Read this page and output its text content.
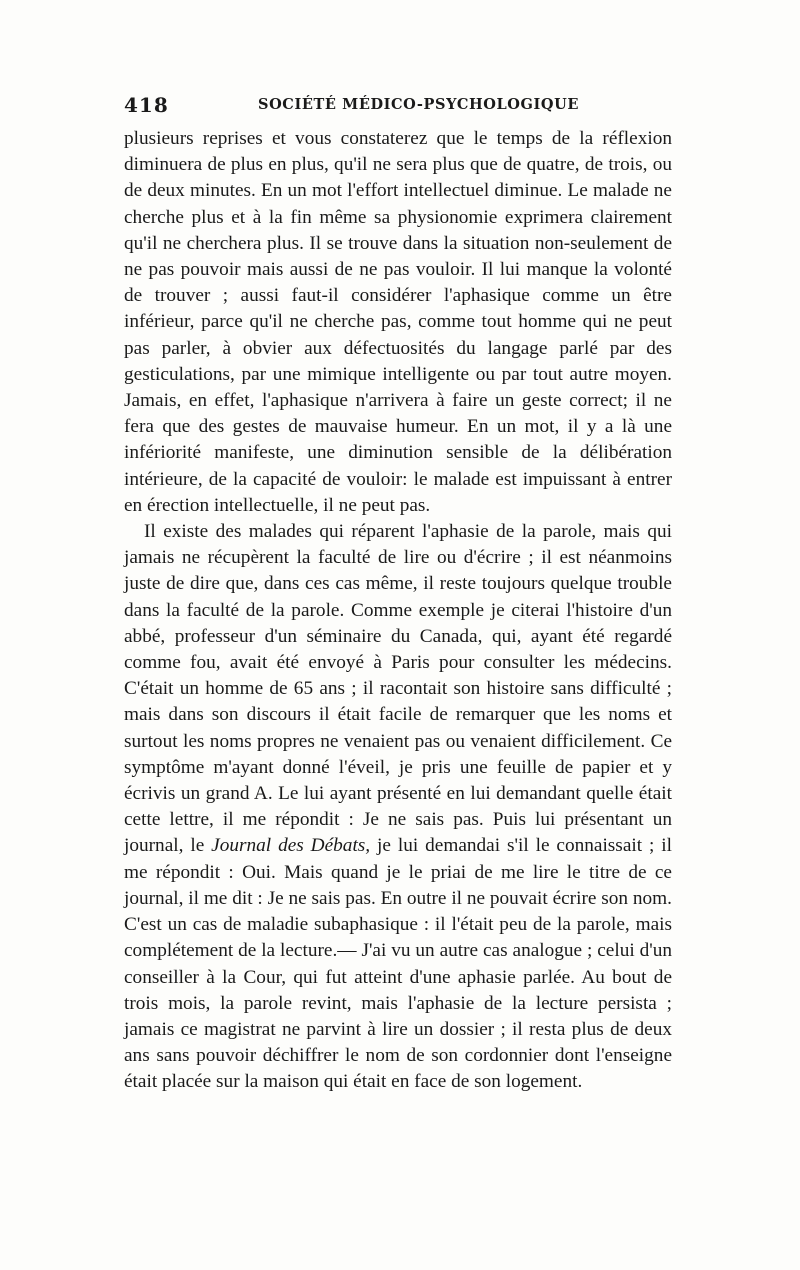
418	SOCIÉTÉ MÉDICO-PSYCHOLOGIQUE

plusieurs reprises et vous constaterez que le temps de la réflexion diminuera de plus en plus, qu'il ne sera plus que de quatre, de trois, ou de deux minutes. En un mot l'effort intellectuel diminue. Le malade ne cherche plus et à la fin même sa physionomie exprimera clairement qu'il ne cherchera plus. Il se trouve dans la situation non-seulement de ne pas pouvoir mais aussi de ne pas vouloir. Il lui manque la volonté de trouver ; aussi faut-il considérer l'aphasique comme un être inférieur, parce qu'il ne cherche pas, comme tout homme qui ne peut pas parler, à obvier aux défectuosités du langage parlé par des gesticulations, par une mimique intelligente ou par tout autre moyen. Jamais, en effet, l'aphasique n'arrivera à faire un geste correct; il ne fera que des gestes de mauvaise humeur. En un mot, il y a là une infériorité manifeste, une diminution sensible de la délibération intérieure, de la capacité de vouloir: le malade est impuissant à entrer en érection intellectuelle, il ne peut pas.

Il existe des malades qui réparent l'aphasie de la parole, mais qui jamais ne récupèrent la faculté de lire ou d'écrire ; il est néanmoins juste de dire que, dans ces cas même, il reste toujours quelque trouble dans la faculté de la parole. Comme exemple je citerai l'histoire d'un abbé, professeur d'un séminaire du Canada, qui, ayant été regardé comme fou, avait été envoyé à Paris pour consulter les médecins. C'était un homme de 65 ans ; il racontait son histoire sans difficulté ; mais dans son discours il était facile de remarquer que les noms et surtout les noms propres ne venaient pas ou venaient difficilement. Ce symptôme m'ayant donné l'éveil, je pris une feuille de papier et y écrivis un grand A. Le lui ayant présenté en lui demandant quelle était cette lettre, il me répondit : Je ne sais pas. Puis lui présentant un journal, le Journal des Débats, je lui demandai s'il le connaissait ; il me répondit : Oui. Mais quand je le priai de me lire le titre de ce journal, il me dit : Je ne sais pas. En outre il ne pouvait écrire son nom. C'est un cas de maladie subaphasique : il l'était peu de la parole, mais complétement de la lecture.— J'ai vu un autre cas analogue ; celui d'un conseiller à la Cour, qui fut atteint d'une aphasie parlée. Au bout de trois mois, la parole revint, mais l'aphasie de la lecture persista ; jamais ce magistrat ne parvint à lire un dossier ; il resta plus de deux ans sans pouvoir déchiffrer le nom de son cordonnier dont l'enseigne était placée sur la maison qui était en face de son logement.
